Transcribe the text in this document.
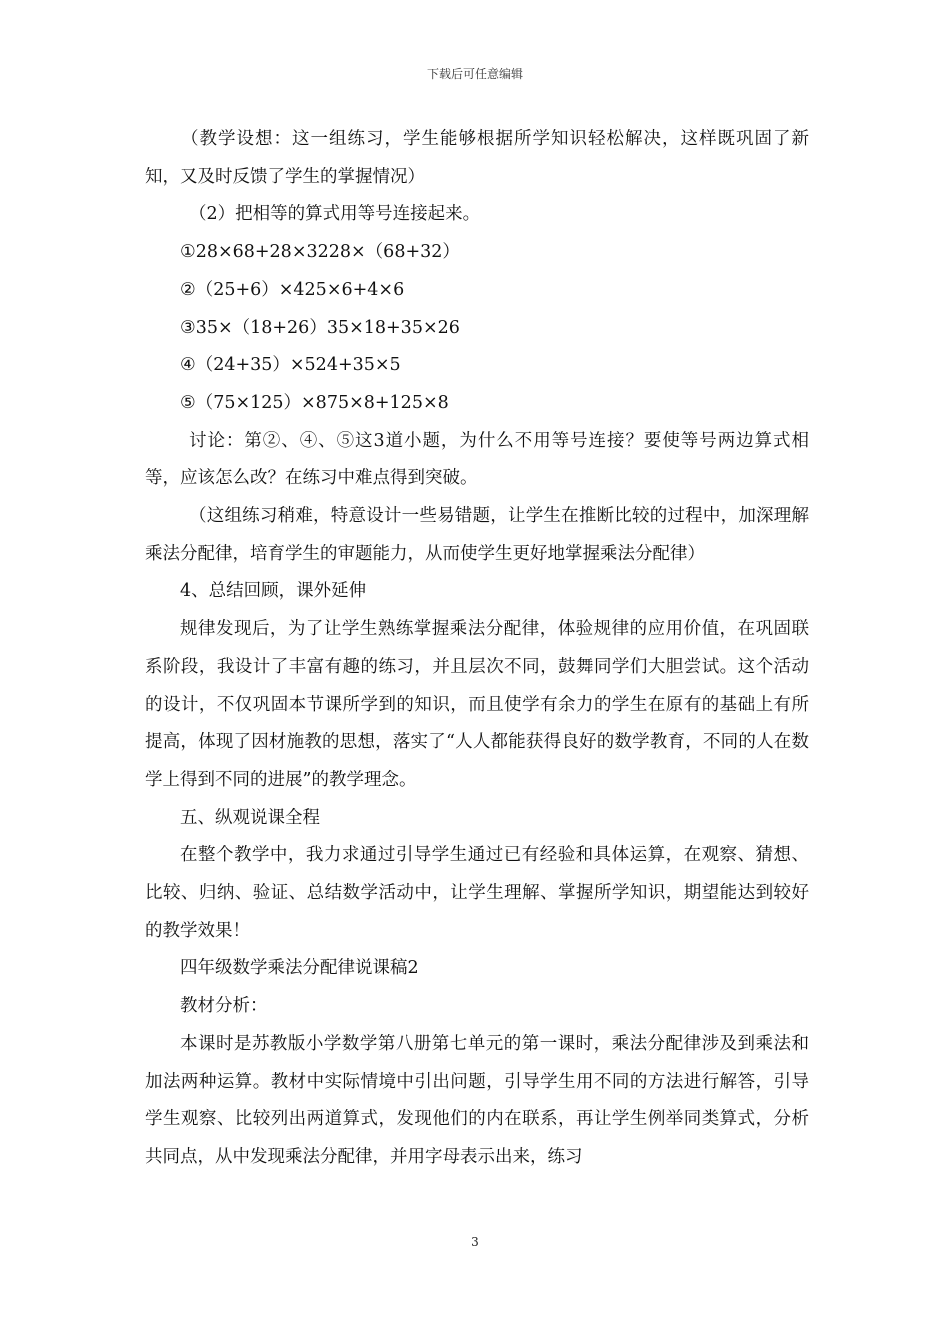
下载后可任意编辑

（教学设想：这一组练习，学生能够根据所学知识轻松解决，这样既巩固了新知，又及时反馈了学生的掌握情况）

（2）把相等的算式用等号连接起来。

①28×68+28×3228×（68+32）

②（25+6）×425×6+4×6

③35×（18+26）35×18+35×26

④（24+35）×524+35×5

⑤（75×125）×875×8+125×8

讨论：第②、④、⑤这3道小题，为什么不用等号连接？要使等号两边算式相等，应该怎么改？在练习中难点得到突破。

（这组练习稍难，特意设计一些易错题，让学生在推断比较的过程中，加深理解乘法分配律，培育学生的审题能力，从而使学生更好地掌握乘法分配律）

4、总结回顾，课外延伸

规律发现后，为了让学生熟练掌握乘法分配律，体验规律的应用价值，在巩固联系阶段，我设计了丰富有趣的练习，并且层次不同，鼓舞同学们大胆尝试。这个活动的设计，不仅巩固本节课所学到的知识，而且使学有余力的学生在原有的基础上有所提高，体现了因材施教的思想，落实了“人人都能获得良好的数学教育，不同的人在数学上得到不同的进展”的教学理念。

五、纵观说课全程

在整个教学中，我力求通过引导学生通过已有经验和具体运算，在观察、猜想、比较、归纳、验证、总结数学活动中，让学生理解、掌握所学知识，期望能达到较好的教学效果！

四年级数学乘法分配律说课稿2

教材分析：

本课时是苏教版小学数学第八册第七单元的第一课时，乘法分配律涉及到乘法和加法两种运算。教材中实际情境中引出问题，引导学生用不同的方法进行解答，引导学生观察、比较列出两道算式，发现他们的内在联系，再让学生例举同类算式，分析共同点，从中发现乘法分配律，并用字母表示出来，练习

3
